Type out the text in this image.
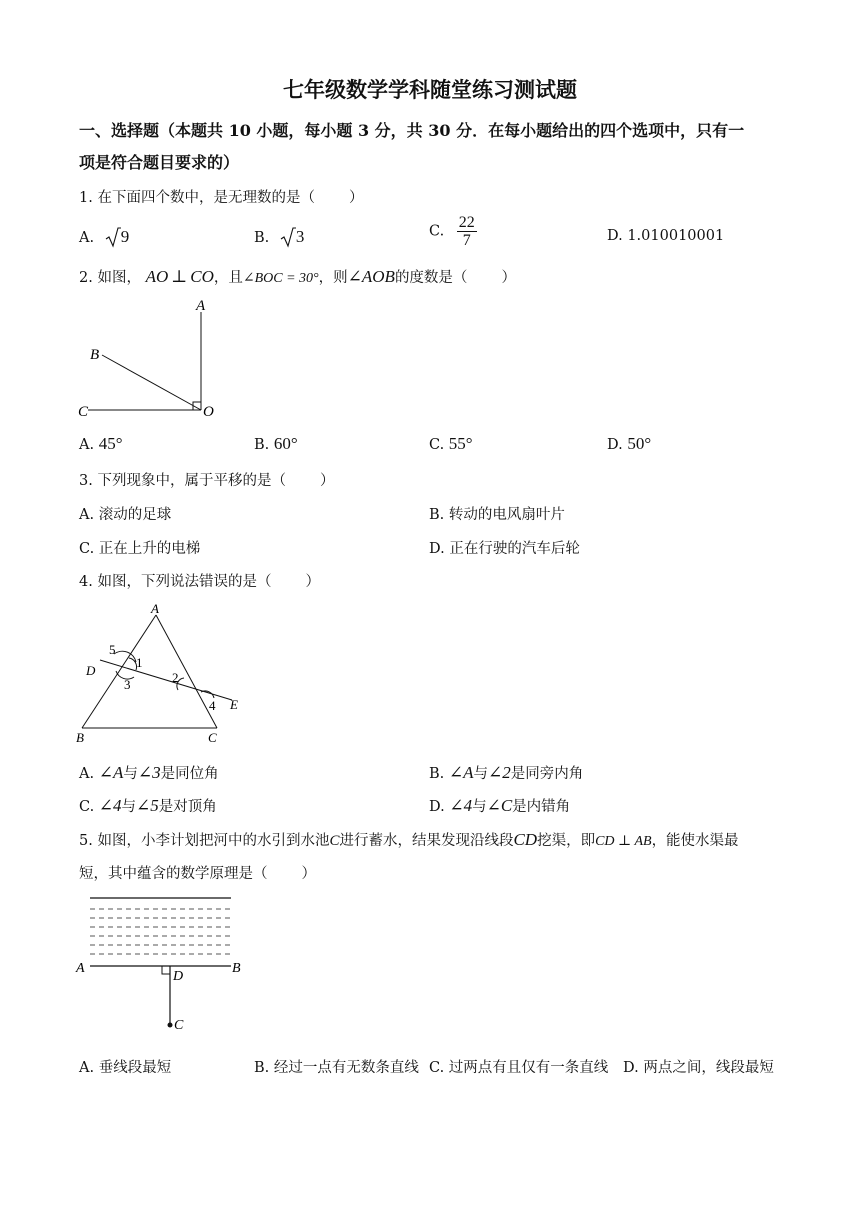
七年级数学学科随堂练习测试题
一、选择题（本题共 10 小题，每小题 3 分，共 30 分．在每小题给出的四个选项中，只有一
项是符合题目要求的）
1. 在下面四个数中，是无理数的是（ ）
A. 9	B. 3	C. $\frac{22}{7}$	D. 1.010010001
2. 如图， AO ⊥ CO，且∠BOC = 30°，则∠AOB的度数是（ ）
A
B
C	O
A. 45°	B. 60°	C. 55°	D. 50°
3. 下列现象中，属于平移的是（ ）
A. 滚动的足球	B. 转动的电风扇叶片
C. 正在上升的电梯	D. 正在行驶的汽车后轮
4. 如图，下列说法错误的是（ ）
A
B	C
D
E
5
1
3	2
4
A. ∠A与∠3是同位角	B. ∠A与∠2是同旁内角
C. ∠4与∠5是对顶角	D. ∠4与∠C是内错角
5. 如图，小李计划把河中的水引到水池C进行蓄水，结果发现沿线段CD挖渠，即CD ⊥ AB，能使水渠最
短，其中蕴含的数学原理是（ ）
A	B
D
C
A. 垂线段最短	B. 经过一点有无数条直线 C. 过两点有且仅有一条直线 D. 两点之间，线段最短
